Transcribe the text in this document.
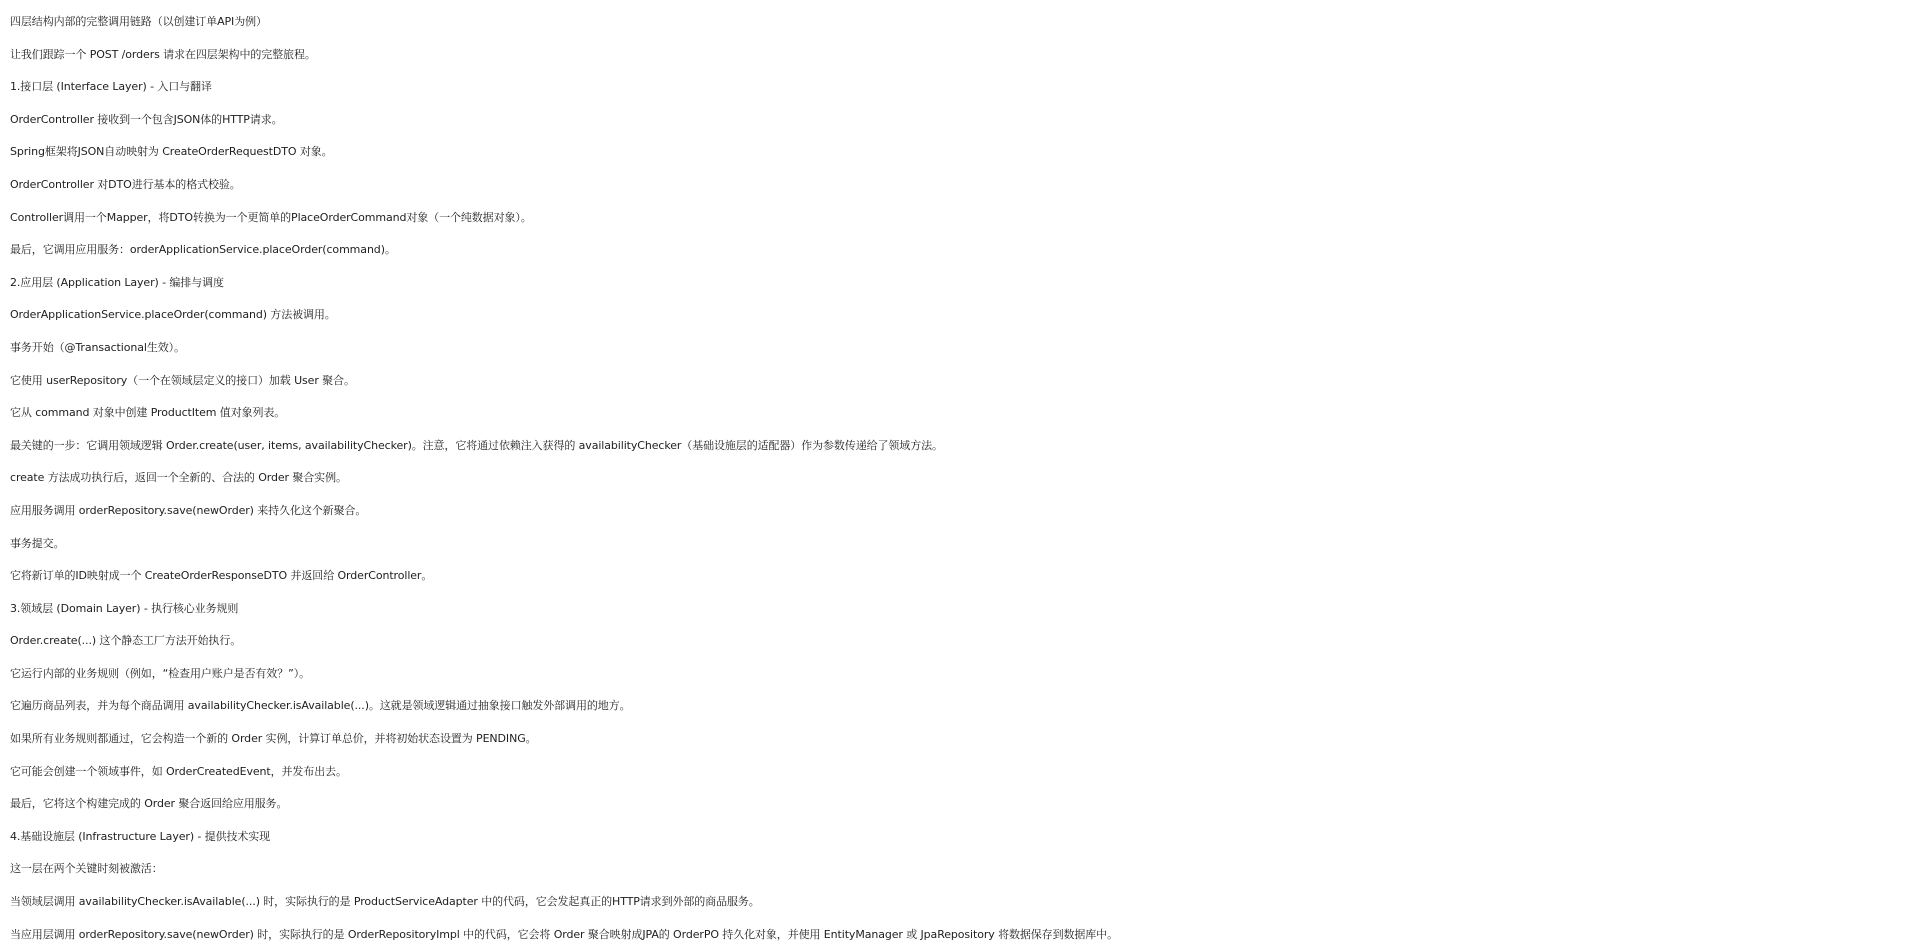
四层结构内部的完整调用链路（以创建订单API为例）
让我们跟踪一个 POST /orders 请求在四层架构中的完整旅程。
1.接口层 (Interface Layer) - 入口与翻译
OrderController 接收到一个包含JSON体的HTTP请求。
Spring框架将JSON自动映射为 CreateOrderRequestDTO 对象。
OrderController 对DTO进行基本的格式校验。
Controller调用一个Mapper，将DTO转换为一个更简单的PlaceOrderCommand对象（一个纯数据对象）。
最后，它调用应用服务：orderApplicationService.placeOrder(command)。
2.应用层 (Application Layer) - 编排与调度
OrderApplicationService.placeOrder(command) 方法被调用。
事务开始（@Transactional生效）。
它使用 userRepository（一个在领域层定义的接口）加载 User 聚合。
它从 command 对象中创建 ProductItem 值对象列表。
最关键的一步：它调用领域逻辑 Order.create(user, items, availabilityChecker)。注意，它将通过依赖注入获得的 availabilityChecker（基础设施层的适配器）作为参数传递给了领域方法。
create 方法成功执行后，返回一个全新的、合法的 Order 聚合实例。
应用服务调用 orderRepository.save(newOrder) 来持久化这个新聚合。
事务提交。
它将新订单的ID映射成一个 CreateOrderResponseDTO 并返回给 OrderController。
3.领域层 (Domain Layer) - 执行核心业务规则
Order.create(...) 这个静态工厂方法开始执行。
它运行内部的业务规则（例如，“检查用户账户是否有效？”）。
它遍历商品列表，并为每个商品调用 availabilityChecker.isAvailable(...)。这就是领域逻辑通过抽象接口触发外部调用的地方。
如果所有业务规则都通过，它会构造一个新的 Order 实例，计算订单总价，并将初始状态设置为 PENDING。
它可能会创建一个领域事件，如 OrderCreatedEvent，并发布出去。
最后，它将这个构建完成的 Order 聚合返回给应用服务。
4.基础设施层 (Infrastructure Layer) - 提供技术实现
这一层在两个关键时刻被激活：
当领域层调用 availabilityChecker.isAvailable(...) 时，实际执行的是 ProductServiceAdapter 中的代码，它会发起真正的HTTP请求到外部的商品服务。
当应用层调用 orderRepository.save(newOrder) 时，实际执行的是 OrderRepositoryImpl 中的代码，它会将 Order 聚合映射成JPA的 OrderPO 持久化对象，并使用 EntityManager 或 JpaRepository 将数据保存到数据库中。
